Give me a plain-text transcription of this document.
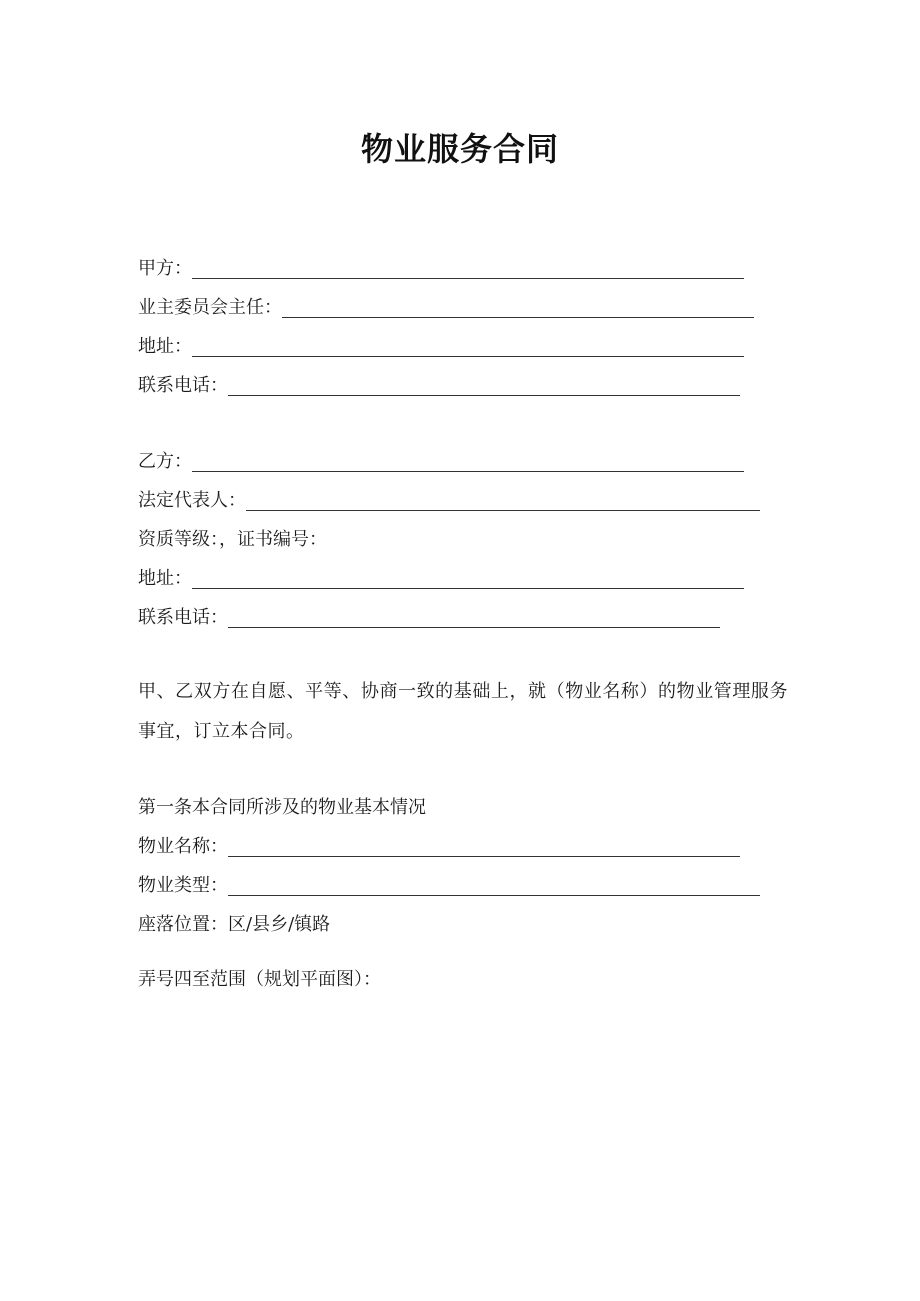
物业服务合同
甲方：
业主委员会主任：
地址：
联系电话：
乙方：
法定代表人：
资质等级：，证书编号：
地址：
联系电话：
甲、乙双方在自愿、平等、协商一致的基础上，就（物业名称）的物业管理服务事宜，订立本合同。
第一条本合同所涉及的物业基本情况
物业名称：
物业类型：
座落位置：区/县乡/镇路
弄号四至范围（规划平面图）：
